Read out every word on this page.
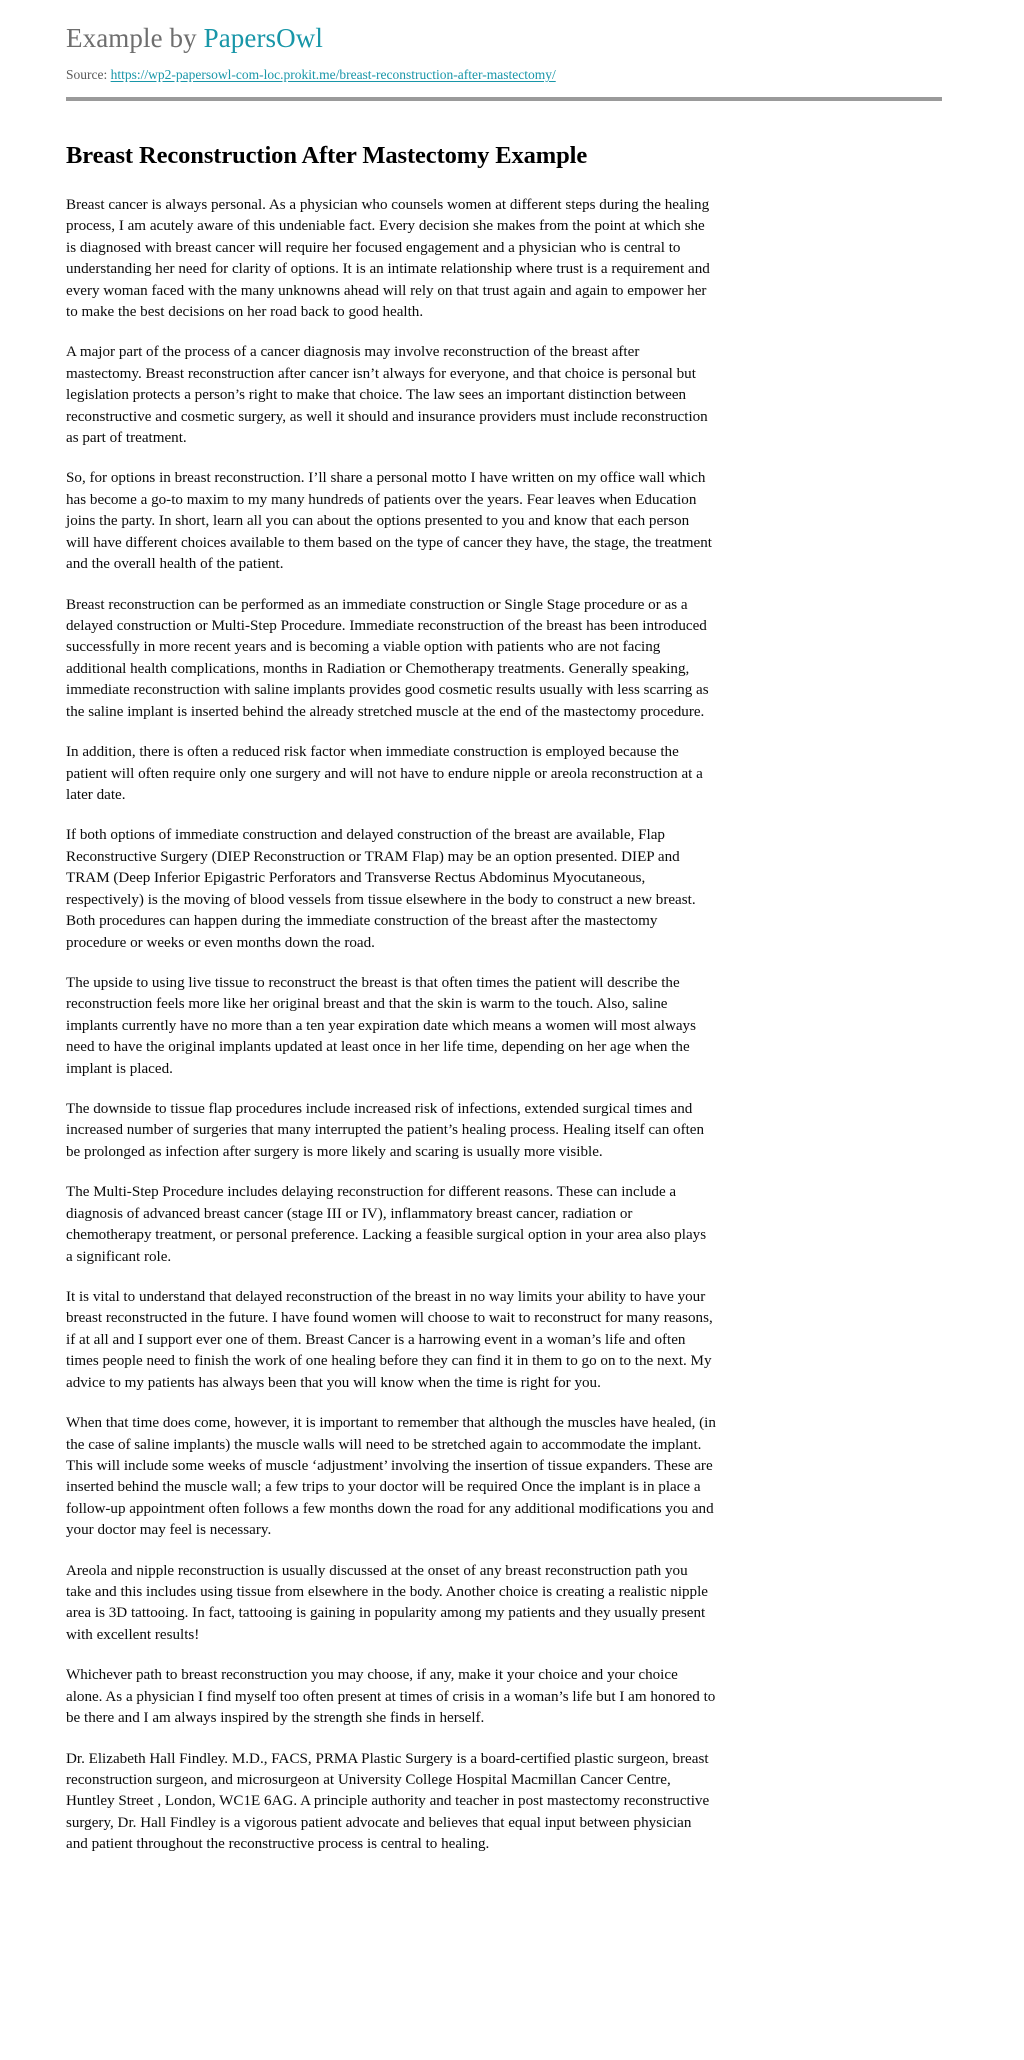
Example by PapersOwl
Source: https://wp2-papersowl-com-loc.prokit.me/breast-reconstruction-after-mastectomy/
Breast Reconstruction After Mastectomy Example

Breast cancer is always personal. As a physician who counsels women at different steps during the healing process, I am acutely aware of this undeniable fact. Every decision she makes from the point at which she is diagnosed with breast cancer will require her focused engagement and a physician who is central to understanding her need for clarity of options. It is an intimate relationship where trust is a requirement and every woman faced with the many unknowns ahead will rely on that trust again and again to empower her to make the best decisions on her road back to good health.

A major part of the process of a cancer diagnosis may involve reconstruction of the breast after mastectomy. Breast reconstruction after cancer isn’t always for everyone, and that choice is personal but legislation protects a person’s right to make that choice. The law sees an important distinction between reconstructive and cosmetic surgery, as well it should and insurance providers must include reconstruction as part of treatment.

So, for options in breast reconstruction. I’ll share a personal motto I have written on my office wall which has become a go-to maxim to my many hundreds of patients over the years. Fear leaves when Education joins the party. In short, learn all you can about the options presented to you and know that each person will have different choices available to them based on the type of cancer they have, the stage, the treatment and the overall health of the patient.

Breast reconstruction can be performed as an immediate construction or Single Stage procedure or as a delayed construction or Multi-Step Procedure. Immediate reconstruction of the breast has been introduced successfully in more recent years and is becoming a viable option with patients who are not facing additional health complications, months in Radiation or Chemotherapy treatments. Generally speaking, immediate reconstruction with saline implants provides good cosmetic results usually with less scarring as the saline implant is inserted behind the already stretched muscle at the end of the mastectomy procedure.

In addition, there is often a reduced risk factor when immediate construction is employed because the patient will often require only one surgery and will not have to endure nipple or areola reconstruction at a later date.

If both options of immediate construction and delayed construction of the breast are available, Flap Reconstructive Surgery (DIEP Reconstruction or TRAM Flap) may be an option presented. DIEP and TRAM (Deep Inferior Epigastric Perforators and Transverse Rectus Abdominus Myocutaneous, respectively) is the moving of blood vessels from tissue elsewhere in the body to construct a new breast. Both procedures can happen during the immediate construction of the breast after the mastectomy procedure or weeks or even months down the road.

The upside to using live tissue to reconstruct the breast is that often times the patient will describe the reconstruction feels more like her original breast and that the skin is warm to the touch. Also, saline implants currently have no more than a ten year expiration date which means a women will most always need to have the original implants updated at least once in her life time, depending on her age when the implant is placed.

The downside to tissue flap procedures include increased risk of infections, extended surgical times and increased number of surgeries that many interrupted the patient’s healing process. Healing itself can often be prolonged as infection after surgery is more likely and scaring is usually more visible.

The Multi-Step Procedure includes delaying reconstruction for different reasons. These can include a diagnosis of advanced breast cancer (stage III or IV), inflammatory breast cancer, radiation or chemotherapy treatment, or personal preference. Lacking a feasible surgical option in your area also plays a significant role.

It is vital to understand that delayed reconstruction of the breast in no way limits your ability to have your breast reconstructed in the future. I have found women will choose to wait to reconstruct for many reasons, if at all and I support ever one of them. Breast Cancer is a harrowing event in a woman’s life and often times people need to finish the work of one healing before they can find it in them to go on to the next. My advice to my patients has always been that you will know when the time is right for you.

When that time does come, however, it is important to remember that although the muscles have healed, (in the case of saline implants) the muscle walls will need to be stretched again to accommodate the implant. This will include some weeks of muscle ‘adjustment’ involving the insertion of tissue expanders. These are inserted behind the muscle wall; a few trips to your doctor will be required Once the implant is in place a follow-up appointment often follows a few months down the road for any additional modifications you and your doctor may feel is necessary.

Areola and nipple reconstruction is usually discussed at the onset of any breast reconstruction path you take and this includes using tissue from elsewhere in the body. Another choice is creating a realistic nipple area is 3D tattooing. In fact, tattooing is gaining in popularity among my patients and they usually present with excellent results!

Whichever path to breast reconstruction you may choose, if any, make it your choice and your choice alone. As a physician I find myself too often present at times of crisis in a woman’s life but I am honored to be there and I am always inspired by the strength she finds in herself.

Dr. Elizabeth Hall Findley. M.D., FACS, PRMA Plastic Surgery is a board-certified plastic surgeon, breast reconstruction surgeon, and microsurgeon at University College Hospital Macmillan Cancer Centre, Huntley Street , London, WC1E 6AG. A principle authority and teacher in post mastectomy reconstructive surgery, Dr. Hall Findley is a vigorous patient advocate and believes that equal input between physician and patient throughout the reconstructive process is central to healing.
